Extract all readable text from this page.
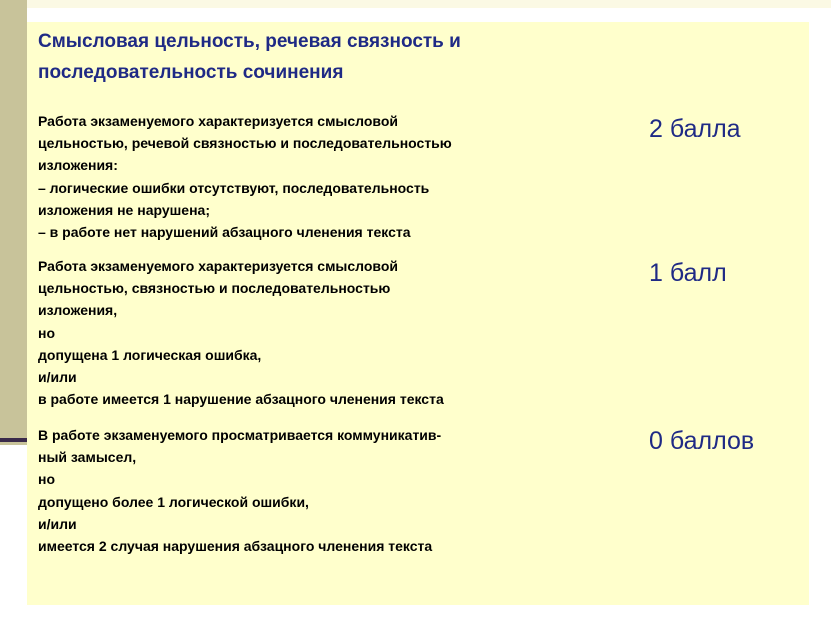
Смысловая цельность, речевая связность и последовательность сочинения
Работа экзаменуемого характеризуется смысловой
цельностью, речевой связностью и последовательностью
изложения:
– логические ошибки отсутствуют, последовательность
изложения не нарушена;
– в работе нет нарушений абзацного членения текста
2 балла
Работа экзаменуемого характеризуется смысловой
цельностью, связностью и последовательностью
изложения,
но
допущена 1 логическая ошибка,
и/или
в работе имеется 1 нарушение абзацного членения текста
1 балл
В работе экзаменуемого просматривается коммуникатив-
ный замысел,
но
допущено более 1 логической ошибки,
и/или
имеется 2 случая нарушения абзацного членения текста
0 баллов
